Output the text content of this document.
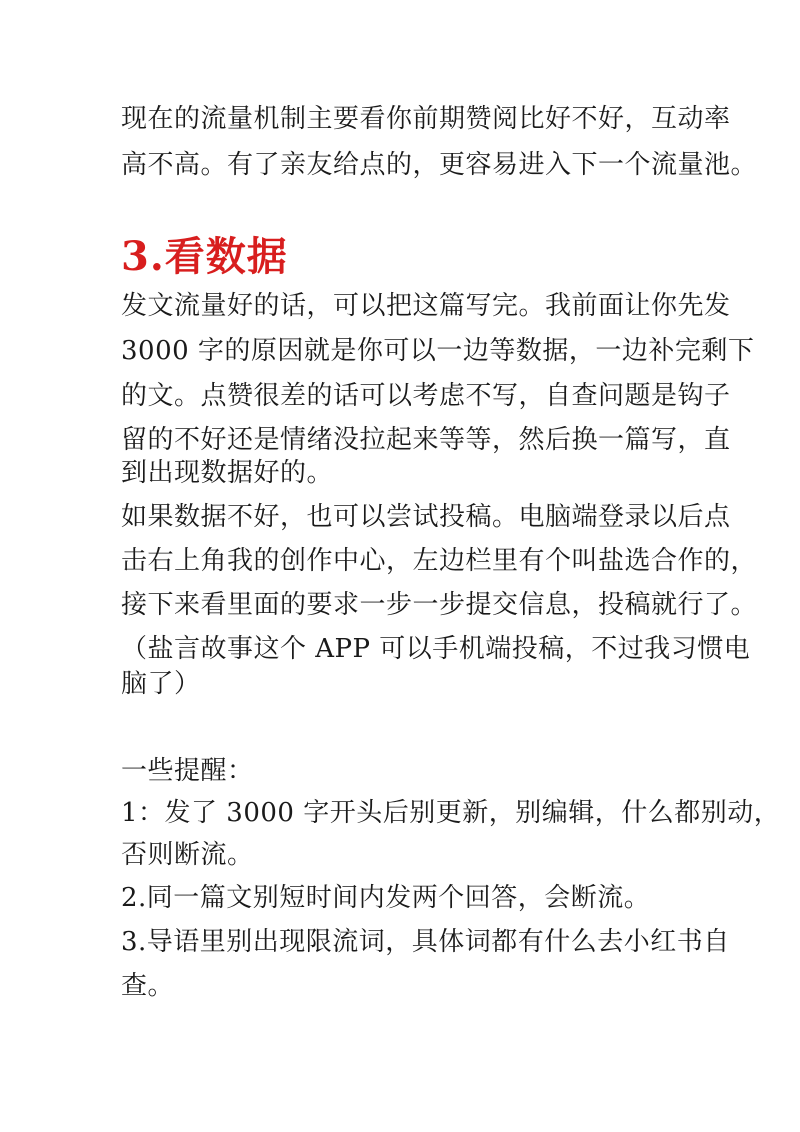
现在的流量机制主要看你前期赞阅比好不好，互动率
高不高。有了亲友给点的，更容易进入下一个流量池。
3.看数据
发文流量好的话，可以把这篇写完。我前面让你先发
3000 字的原因就是你可以一边等数据，一边补完剩下
的文。点赞很差的话可以考虑不写，自查问题是钩子
留的不好还是情绪没拉起来等等，然后换一篇写，直
到出现数据好的。
如果数据不好，也可以尝试投稿。电脑端登录以后点
击右上角我的创作中心，左边栏里有个叫盐选合作的，
接下来看里面的要求一步一步提交信息，投稿就行了。
（盐言故事这个 APP 可以手机端投稿，不过我习惯电
脑了）
一些提醒：
1：发了 3000 字开头后别更新，别编辑，什么都别动，
否则断流。
2.同一篇文别短时间内发两个回答，会断流。
3.导语里别出现限流词，具体词都有什么去小红书自
查。
